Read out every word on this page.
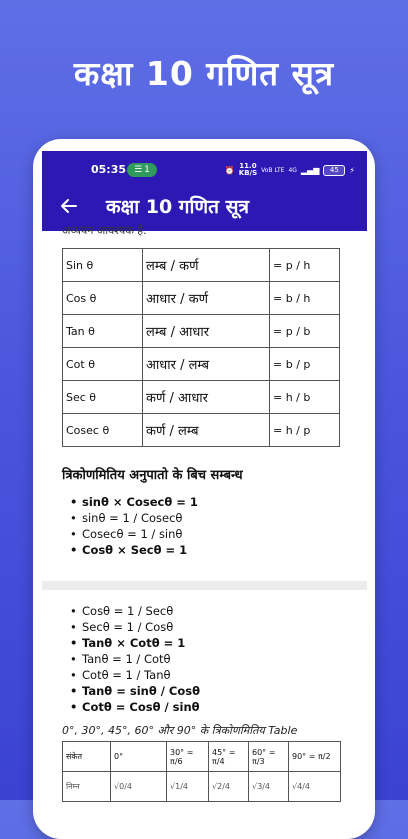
कक्षा 10 गणित सूत्र
05:35 ☰ 1	⏰ 11.0
KB/S VoB LTE 4G ▂▄▆ 45 ⚡
कक्षा 10 गणित सूत्र
अध्ययन आवश्यक है.
Sin θ	लम्ब / कर्ण	= p / h
Cos θ	आधार / कर्ण	= b / h
Tan θ	लम्ब / आधार	= p / b
Cot θ	आधार / लम्ब	= b / p
Sec θ	कर्ण / आधार	= h / b
Cosec θ	कर्ण / लम्ब	= h / p
त्रिकोणमितिय अनुपातो के बिच सम्बन्ध
• sinθ × Cosecθ = 1
• sinθ = 1 / Cosecθ
• Cosecθ = 1 / sinθ
• Cosθ × Secθ = 1
• Cosθ = 1 / Secθ
• Secθ = 1 / Cosθ
• Tanθ × Cotθ = 1
• Tanθ = 1 / Cotθ
• Cotθ = 1 / Tanθ
• Tanθ = sinθ / Cosθ
• Cotθ = Cosθ / sinθ
0°, 30°, 45°, 60° और 90° के त्रिकोणमितिय Table
संकेत	0°	30° = π/6	45° = π/4	60° = π/3	90° = π/2
निम्न	√0/4	√1/4	√2/4	√3/4	√4/4
